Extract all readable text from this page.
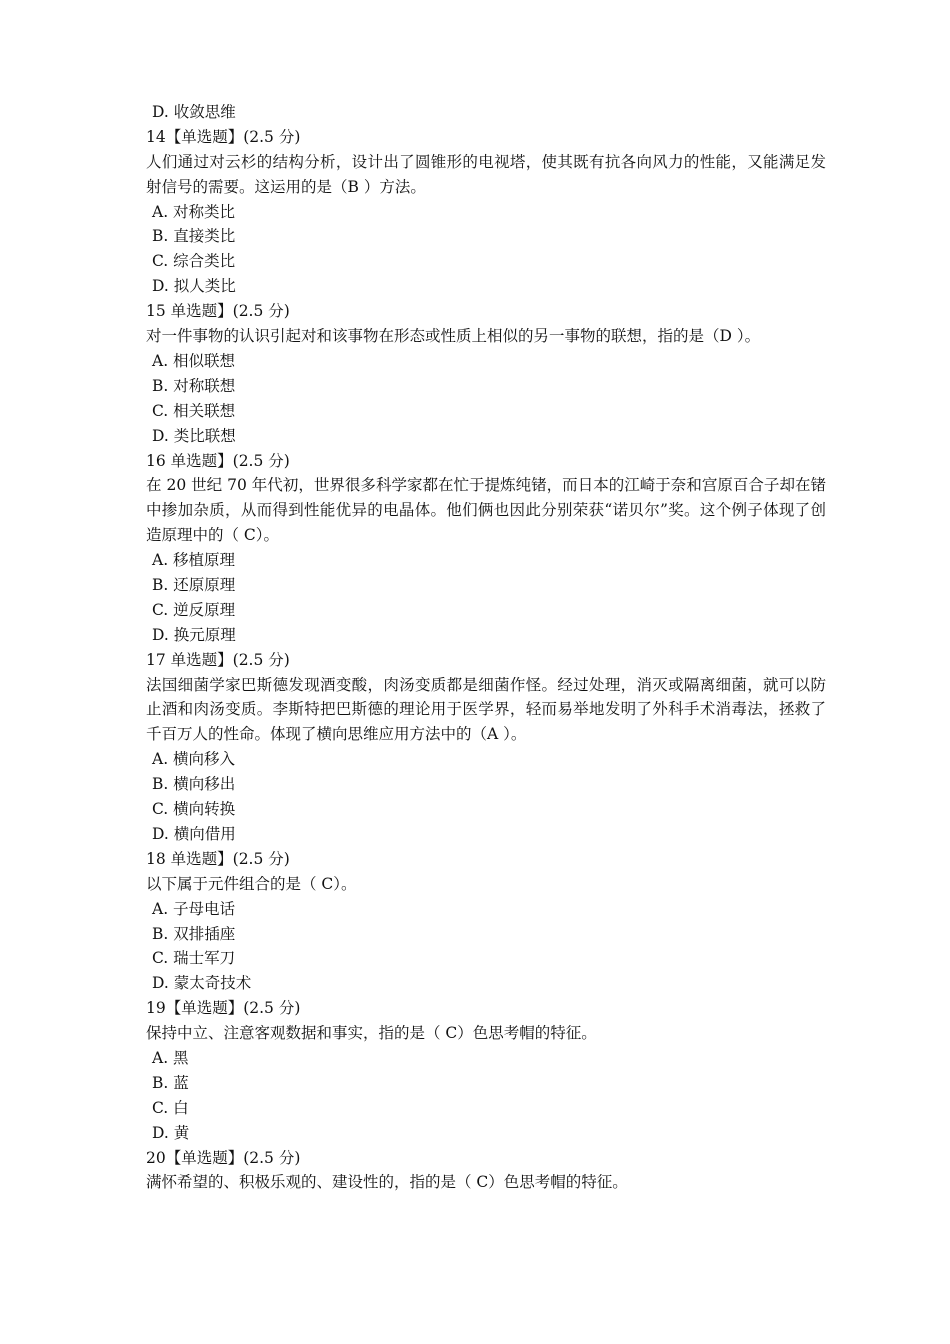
D. 收敛思维
14【单选题】(2.5 分)
人们通过对云杉的结构分析，设计出了圆锥形的电视塔，使其既有抗各向风力的性能，又能满足发射信号的需要。这运用的是（B ）方法。
A. 对称类比
B. 直接类比
C. 综合类比
D. 拟人类比
15 单选题】(2.5 分)
对一件事物的认识引起对和该事物在形态或性质上相似的另一事物的联想，指的是（D ）。
A. 相似联想
B. 对称联想
C. 相关联想
D. 类比联想
16 单选题】(2.5 分)
在 20 世纪 70 年代初，世界很多科学家都在忙于提炼纯锗，而日本的江崎于奈和宫原百合子却在锗中掺加杂质，从而得到性能优异的电晶体。他们俩也因此分别荣获“诺贝尔”奖。这个例子体现了创造原理中的（ C）。
A. 移植原理
B. 还原原理
C. 逆反原理
D. 换元原理
17 单选题】(2.5 分)
法国细菌学家巴斯德发现酒变酸，肉汤变质都是细菌作怪。经过处理，消灭或隔离细菌，就可以防止酒和肉汤变质。李斯特把巴斯德的理论用于医学界，轻而易举地发明了外科手术消毒法，拯救了千百万人的性命。体现了横向思维应用方法中的（A ）。
A. 横向移入
B. 横向移出
C. 横向转换
D. 横向借用
18 单选题】(2.5 分)
以下属于元件组合的是（ C）。
A. 子母电话
B. 双排插座
C. 瑞士军刀
D. 蒙太奇技术
19【单选题】(2.5 分)
保持中立、注意客观数据和事实，指的是（ C）色思考帽的特征。
A. 黑
B. 蓝
C. 白
D. 黄
20【单选题】(2.5 分)
满怀希望的、积极乐观的、建设性的，指的是（ C）色思考帽的特征。
